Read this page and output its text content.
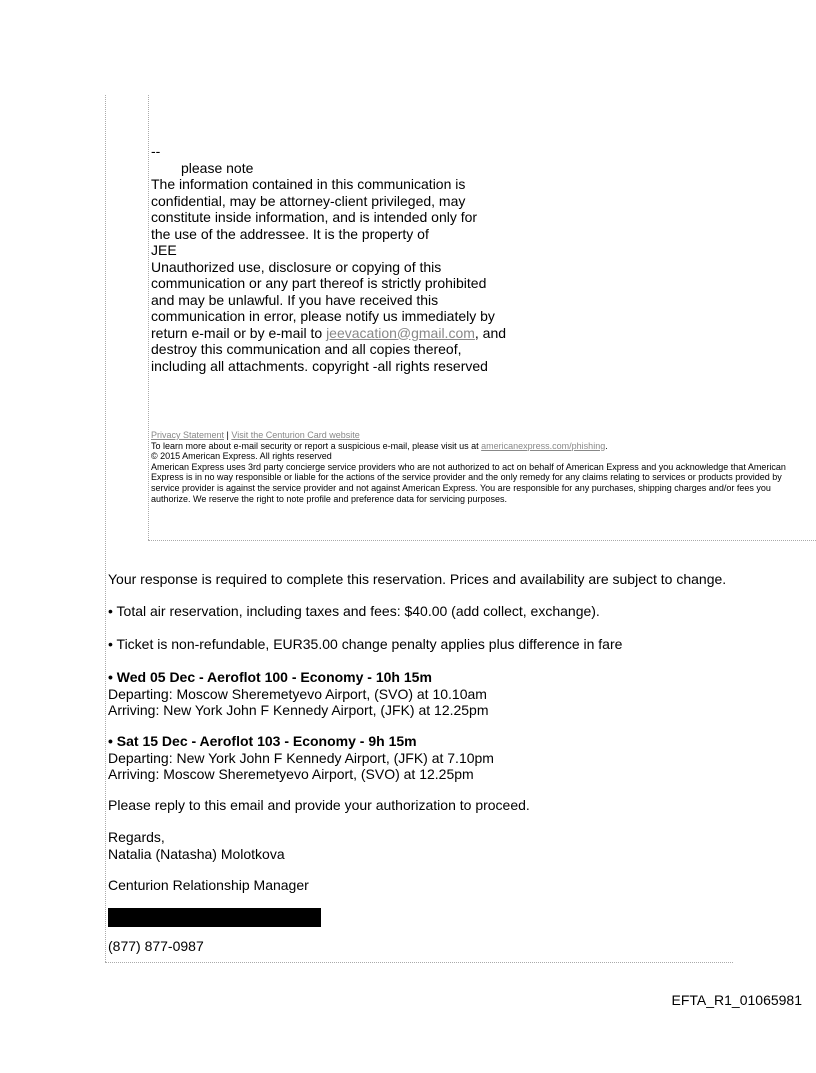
--
please note
The information contained in this communication is
confidential, may be attorney-client privileged, may
constitute inside information, and is intended only for
the use of the addressee. It is the property of
JEE
Unauthorized use, disclosure or copying of this
communication or any part thereof is strictly prohibited
and may be unlawful. If you have received this
communication in error, please notify us immediately by
return e-mail or by e-mail to jeevacation@gmail.com, and
destroy this communication and all copies thereof,
including all attachments. copyright -all rights reserved
Privacy Statement | Visit the Centurion Card website
To learn more about e-mail security or report a suspicious e-mail, please visit us at americanexpress.com/phishing.
© 2015 American Express. All rights reserved
American Express uses 3rd party concierge service providers who are not authorized to act on behalf of American Express and you acknowledge that American
Express is in no way responsible or liable for the actions of the service provider and the only remedy for any claims relating to services or products provided by
service provider is against the service provider and not against American Express. You are responsible for any purchases, shipping charges and/or fees you
authorize. We reserve the right to note profile and preference data for servicing purposes.
Your response is required to complete this reservation. Prices and availability are subject to change.
• Total air reservation, including taxes and fees: $40.00 (add collect, exchange).
• Ticket is non-refundable, EUR35.00 change penalty applies plus difference in fare
• Wed 05 Dec - Aeroflot 100 - Economy - 10h 15m
Departing: Moscow Sheremetyevo Airport, (SVO) at 10.10am
Arriving: New York John F Kennedy Airport, (JFK) at 12.25pm
• Sat 15 Dec - Aeroflot 103 - Economy - 9h 15m
Departing: New York John F Kennedy Airport, (JFK) at 7.10pm
Arriving: Moscow Sheremetyevo Airport, (SVO) at 12.25pm
Please reply to this email and provide your authorization to proceed.
Regards,
Natalia (Natasha) Molotkova
Centurion Relationship Manager
(877) 877-0987
EFTA_R1_01065981
